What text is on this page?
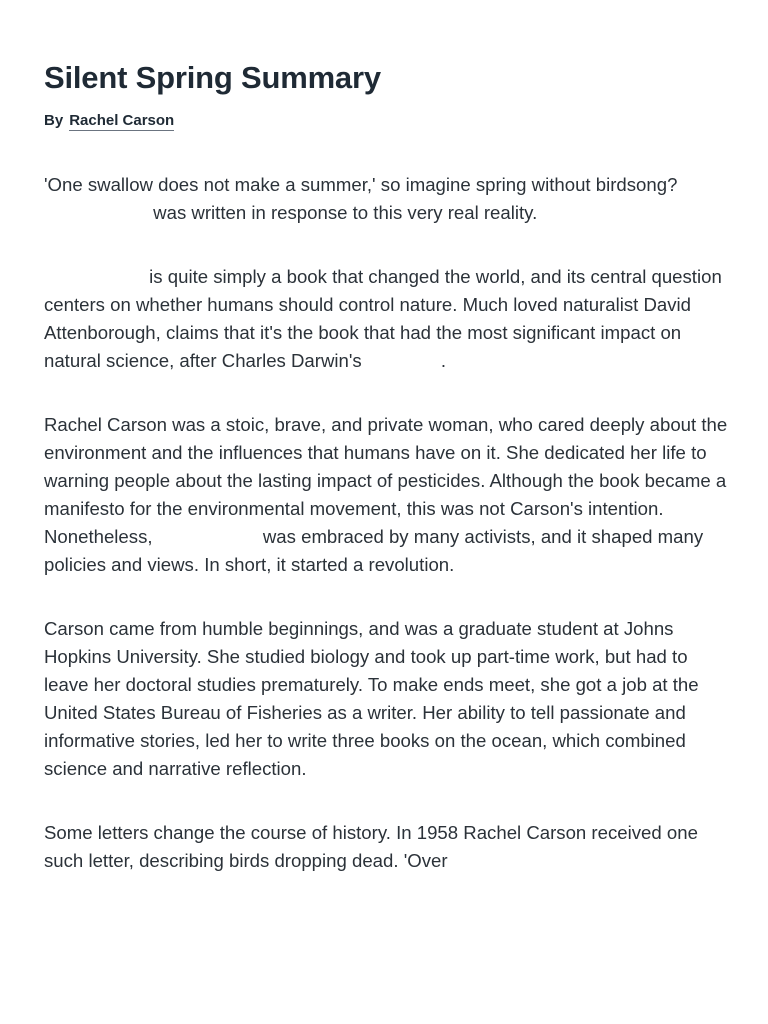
Silent Spring Summary
By Rachel Carson

'One swallow does not make a summer,' so imagine spring without birdsong?  was written in response to this very real reality.

is quite simply a book that changed the world, and its central question centers on whether humans should control nature. Much loved naturalist David Attenborough, claims that it's the book that had the most significant impact on natural science, after Charles Darwin's	.

Rachel Carson was a stoic, brave, and private woman, who cared deeply about the environment and the influences that humans have on it. She dedicated her life to warning people about the lasting impact of pesticides. Although the book became a manifesto for the environmental movement, this was not Carson's intention. Nonetheless,	was embraced by many activists, and it shaped many policies and views. In short, it started a revolution.

Carson came from humble beginnings, and was a graduate student at Johns Hopkins University. She studied biology and took up part-time work, but had to leave her doctoral studies prematurely. To make ends meet, she got a job at the United States Bureau of Fisheries as a writer. Her ability to tell passionate and informative stories, led her to write three books on the ocean, which combined science and narrative reflection.

Some letters change the course of history. In 1958 Rachel Carson received one such letter, describing birds dropping dead. 'Over
